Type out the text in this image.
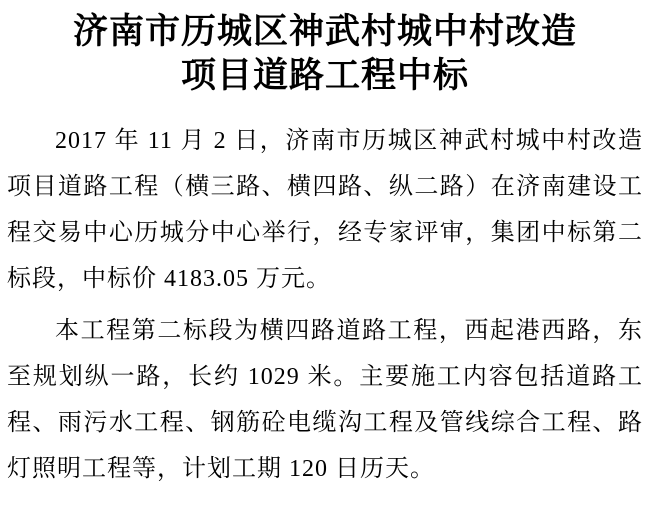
济南市历城区神武村城中村改造
项目道路工程中标

2017 年 11 月 2 日，济南市历城区神武村城中村改造项目道路工程（横三路、横四路、纵二路）在济南建设工程交易中心历城分中心举行，经专家评审，集团中标第二标段，中标价 4183.05 万元。

本工程第二标段为横四路道路工程，西起港西路，东至规划纵一路，长约 1029 米。主要施工内容包括道路工程、雨污水工程、钢筋砼电缆沟工程及管线综合工程、路灯照明工程等，计划工期 120 日历天。
